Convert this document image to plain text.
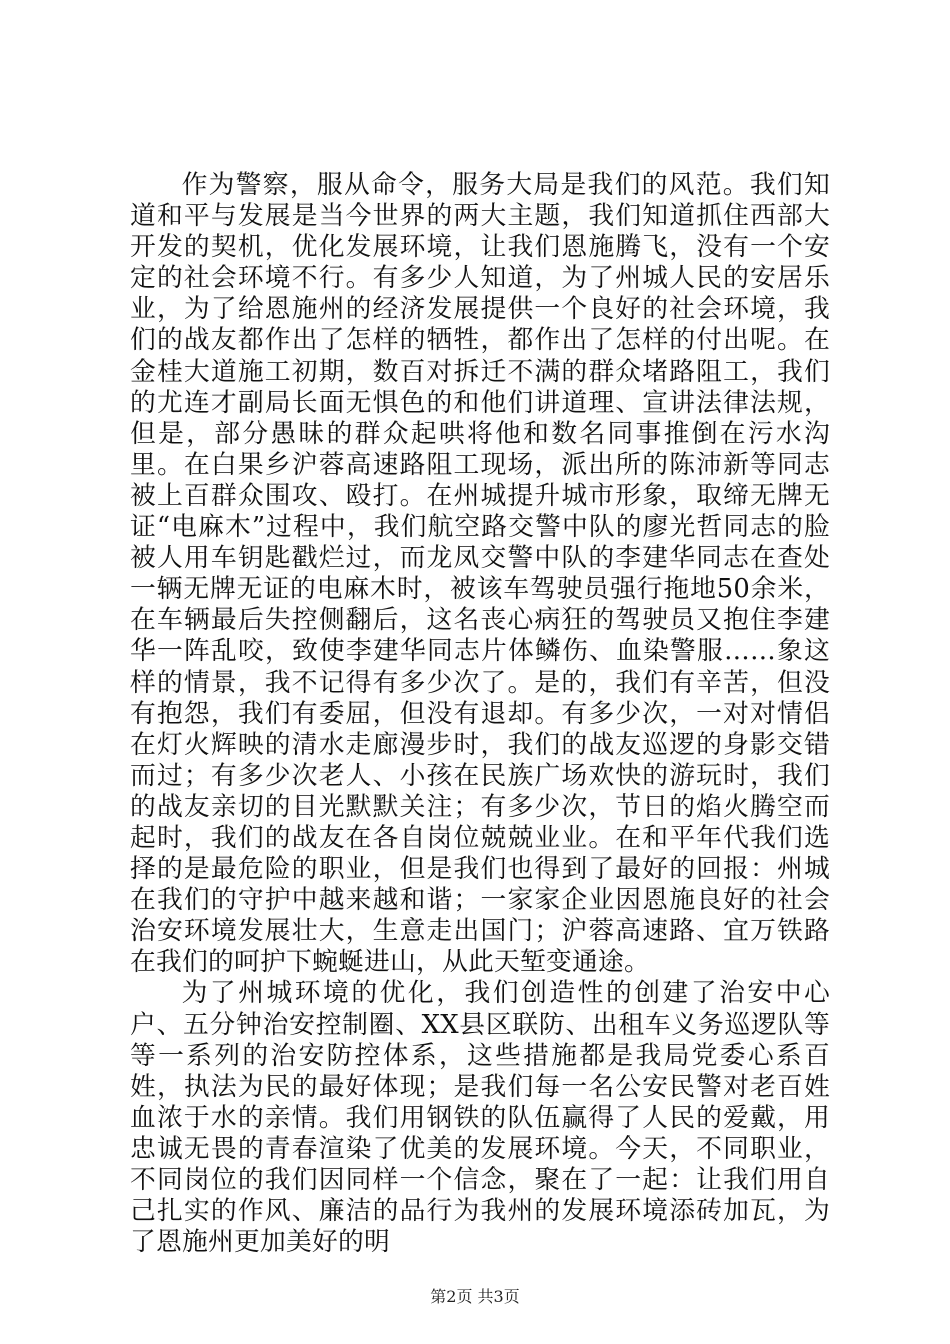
作为警察，服从命令，服务大局是我们的风范。我们知道和平与发展是当今世界的两大主题，我们知道抓住西部大开发的契机，优化发展环境，让我们恩施腾飞，没有一个安定的社会环境不行。有多少人知道，为了州城人民的安居乐业，为了给恩施州的经济发展提供一个良好的社会环境，我们的战友都作出了怎样的牺牲，都作出了怎样的付出呢。在金桂大道施工初期，数百对拆迁不满的群众堵路阻工，我们的尤连才副局长面无惧色的和他们讲道理、宣讲法律法规，但是，部分愚昧的群众起哄将他和数名同事推倒在污水沟里。在白果乡沪蓉高速路阻工现场，派出所的陈沛新等同志被上百群众围攻、殴打。在州城提升城市形象，取缔无牌无证“电麻木”过程中，我们航空路交警中队的廖光哲同志的脸被人用车钥匙戳烂过，而龙凤交警中队的李建华同志在查处一辆无牌无证的电麻木时，被该车驾驶员强行拖地50余米，在车辆最后失控侧翻后，这名丧心病狂的驾驶员又抱住李建华一阵乱咬，致使李建华同志片体鳞伤、血染警服……象这样的情景，我不记得有多少次了。是的，我们有辛苦，但没有抱怨，我们有委屈，但没有退却。有多少次，一对对情侣在灯火辉映的清水走廊漫步时，我们的战友巡逻的身影交错而过；有多少次老人、小孩在民族广场欢快的游玩时，我们的战友亲切的目光默默关注；有多少次，节日的焰火腾空而起时，我们的战友在各自岗位兢兢业业。在和平年代我们选择的是最危险的职业，但是我们也得到了最好的回报：州城在我们的守护中越来越和谐；一家家企业因恩施良好的社会治安环境发展壮大，生意走出国门；沪蓉高速路、宜万铁路在我们的呵护下蜿蜒进山，从此天堑变通途。

为了州城环境的优化，我们创造性的创建了治安中心户、五分钟治安控制圈、XX县区联防、出租车义务巡逻队等等一系列的治安防控体系，这些措施都是我局党委心系百姓，执法为民的最好体现；是我们每一名公安民警对老百姓血浓于水的亲情。我们用钢铁的队伍赢得了人民的爱戴，用忠诚无畏的青春渲染了优美的发展环境。今天，不同职业，不同岗位的我们因同样一个信念，聚在了一起：让我们用自己扎实的作风、廉洁的品行为我州的发展环境添砖加瓦，为了恩施州更加美好的明

第2页 共3页
